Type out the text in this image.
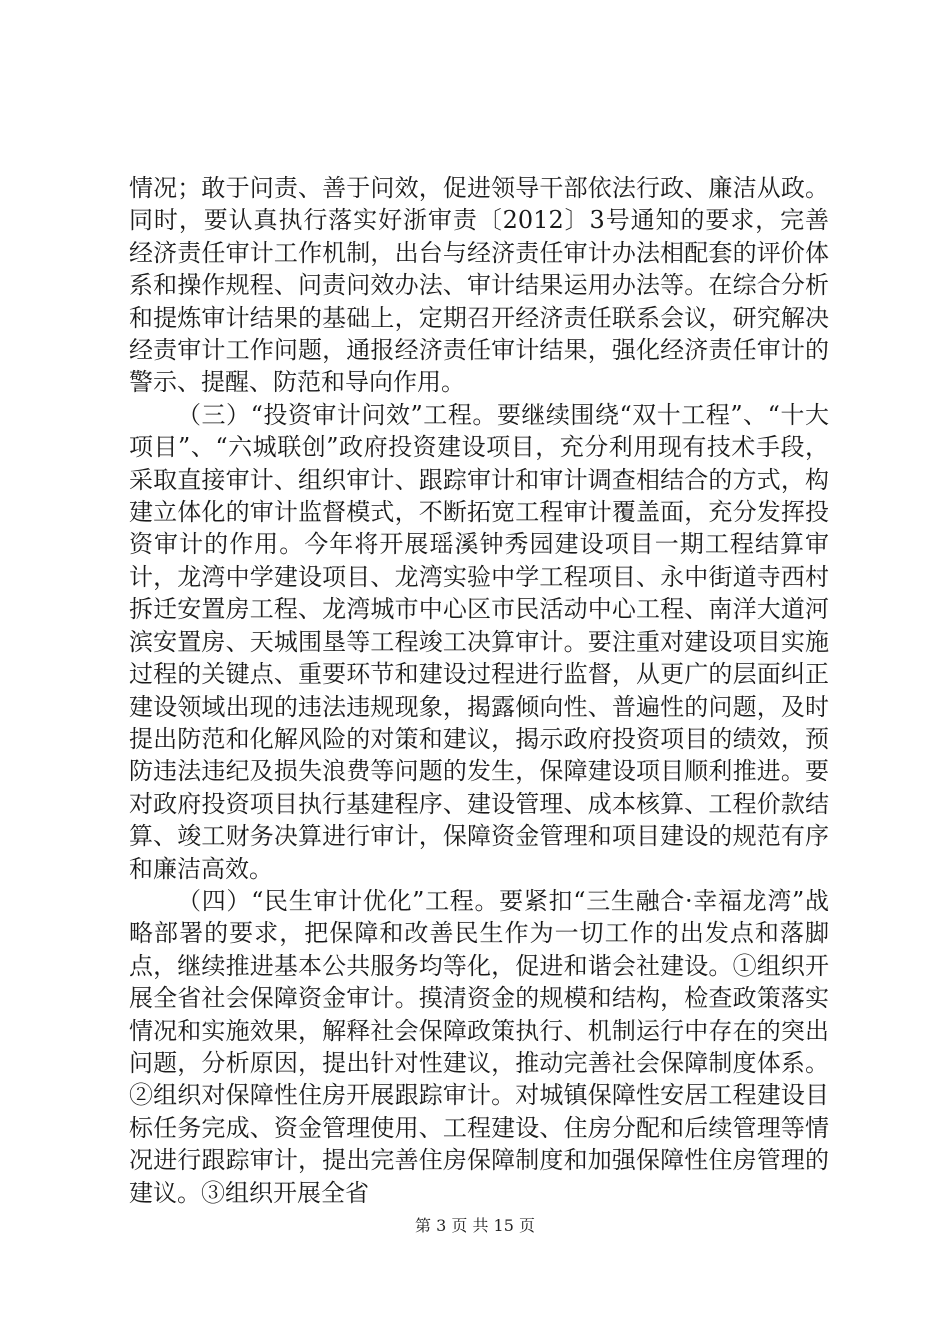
情况；敢于问责、善于问效，促进领导干部依法行政、廉洁从政。同时，要认真执行落实好浙审责〔2012〕3号通知的要求，完善经济责任审计工作机制，出台与经济责任审计办法相配套的评价体系和操作规程、问责问效办法、审计结果运用办法等。在综合分析和提炼审计结果的基础上，定期召开经济责任联系会议，研究解决经责审计工作问题，通报经济责任审计结果，强化经济责任审计的警示、提醒、防范和导向作用。

（三）“投资审计问效”工程。要继续围绕“双十工程”、“十大项目”、“六城联创”政府投资建设项目，充分利用现有技术手段，采取直接审计、组织审计、跟踪审计和审计调查相结合的方式，构建立体化的审计监督模式，不断拓宽工程审计覆盖面，充分发挥投资审计的作用。今年将开展瑶溪钟秀园建设项目一期工程结算审计，龙湾中学建设项目、龙湾实验中学工程项目、永中街道寺西村拆迁安置房工程、龙湾城市中心区市民活动中心工程、南洋大道河滨安置房、天城围垦等工程竣工决算审计。要注重对建设项目实施过程的关键点、重要环节和建设过程进行监督，从更广的层面纠正建设领域出现的违法违规现象，揭露倾向性、普遍性的问题，及时提出防范和化解风险的对策和建议，揭示政府投资项目的绩效，预防违法违纪及损失浪费等问题的发生，保障建设项目顺利推进。要对政府投资项目执行基建程序、建设管理、成本核算、工程价款结算、竣工财务决算进行审计，保障资金管理和项目建设的规范有序和廉洁高效。

（四）“民生审计优化”工程。要紧扣“三生融合·幸福龙湾”战略部署的要求，把保障和改善民生作为一切工作的出发点和落脚点，继续推进基本公共服务均等化，促进和谐会社建设。①组织开展全省社会保障资金审计。摸清资金的规模和结构，检查政策落实情况和实施效果，解释社会保障政策执行、机制运行中存在的突出问题，分析原因，提出针对性建议，推动完善社会保障制度体系。②组织对保障性住房开展跟踪审计。对城镇保障性安居工程建设目标任务完成、资金管理使用、工程建设、住房分配和后续管理等情况进行跟踪审计，提出完善住房保障制度和加强保障性住房管理的建议。③组织开展全省

第 3 页 共 15 页
